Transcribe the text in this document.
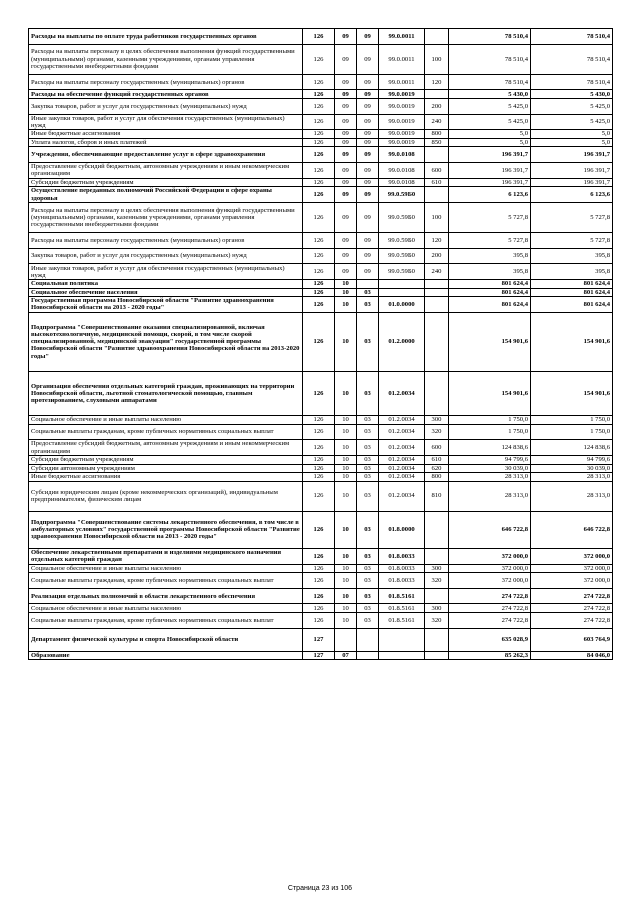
Расходы на выплаты по оплате труда работников государственных органов	126	09	09	99.0.0011		78 510,4	78 510,4
Расходы на выплаты персоналу в целях обеспечения выполнения функций государственными (муниципальными) органами, казенными учреждениями, органами управления государственными внебюджетными фондами	126	09	09	99.0.0011	100	78 510,4	78 510,4
Расходы на выплаты персоналу государственных (муниципальных) органов	126	09	09	99.0.0011	120	78 510,4	78 510,4
Расходы на обеспечение функций государственных органов	126	09	09	99.0.0019		5 430,0	5 430,0
Закупка товаров, работ и услуг для государственных (муниципальных) нужд	126	09	09	99.0.0019	200	5 425,0	5 425,0
Иные закупки товаров, работ и услуг для обеспечения государственных (муниципальных) нужд	126	09	09	99.0.0019	240	5 425,0	5 425,0
Иные бюджетные ассигнования	126	09	09	99.0.0019	800	5,0	5,0
Уплата налогов, сборов и иных платежей	126	09	09	99.0.0019	850	5,0	5,0
Учреждения, обеспечивающие предоставление услуг в сфере здравоохранения	126	09	09	99.0.0108		196 391,7	196 391,7
Предоставление субсидий бюджетным, автономным учреждениям и иным некоммерческим организациям	126	09	09	99.0.0108	600	196 391,7	196 391,7
Субсидии бюджетным учреждениям	126	09	09	99.0.0108	610	196 391,7	196 391,7
Осуществление переданных полномочий Российской Федерации в сфере охраны здоровья	126	09	09	99.0.59Б0		6 123,6	6 123,6
Расходы на выплаты персоналу в целях обеспечения выполнения функций государственными (муниципальными) органами, казенными учреждениями, органами управления государственными внебюджетными фондами	126	09	09	99.0.59Б0	100	5 727,8	5 727,8
Расходы на выплаты персоналу государственных (муниципальных) органов	126	09	09	99.0.59Б0	120	5 727,8	5 727,8
Закупка товаров, работ и услуг для государственных (муниципальных) нужд	126	09	09	99.0.59Б0	200	395,8	395,8
Иные закупки товаров, работ и услуг для обеспечения государственных (муниципальных) нужд	126	09	09	99.0.59Б0	240	395,8	395,8
Социальная политика	126	10				801 624,4	801 624,4
Социальное обеспечение населения	126	10	03			801 624,4	801 624,4
Государственная программа Новосибирской области "Развитие здравоохранения Новосибирской области на 2013 - 2020 годы"	126	10	03	01.0.0000		801 624,4	801 624,4
Подпрограмма "Совершенствование оказания специализированной, включая высокотехнологичную, медицинской помощи, скорой, в том числе скорой специализированной, медицинской эвакуации" государственной программы Новосибирской области "Развитие здравоохранения Новосибирской области на 2013-2020 годы"	126	10	03	01.2.0000		154 901,6	154 901,6
Организация обеспечения отдельных категорий граждан, проживающих на территории Новосибирской области, льготной стоматологической помощью, главным протезированием, слуховыми аппаратами	126	10	03	01.2.0034		154 901,6	154 901,6
Социальное обеспечение и иные выплаты населению	126	10	03	01.2.0034	300	1 750,0	1 750,0
Социальные выплаты гражданам, кроме публичных нормативных социальных выплат	126	10	03	01.2.0034	320	1 750,0	1 750,0
Предоставление субсидий бюджетным, автономным учреждениям и иным некоммерческим организациям	126	10	03	01.2.0034	600	124 838,6	124 838,6
Субсидии бюджетным учреждениям	126	10	03	01.2.0034	610	94 799,6	94 799,6
Субсидии автономным учреждениям	126	10	03	01.2.0034	620	30 039,0	30 039,0
Иные бюджетные ассигнования	126	10	03	01.2.0034	800	28 313,0	28 313,0
Субсидии юридическим лицам (кроме некоммерческих организаций), индивидуальным предпринимателям, физическим лицам	126	10	03	01.2.0034	810	28 313,0	28 313,0
Подпрограмма "Совершенствование системы лекарственного обеспечения, в том числе в амбулаторных условиях" государственной программы Новосибирской области "Развитие здравоохранения Новосибирской области на 2013 - 2020 годы"	126	10	03	01.8.0000		646 722,8	646 722,8
Обеспечение лекарственными препаратами и изделиями медицинского назначения отдельных категорий граждан	126	10	03	01.8.0033		372 000,0	372 000,0
Социальное обеспечение и иные выплаты населению	126	10	03	01.8.0033	300	372 000,0	372 000,0
Социальные выплаты гражданам, кроме публичных нормативных социальных выплат	126	10	03	01.8.0033	320	372 000,0	372 000,0
Реализация отдельных полномочий в области лекарственного обеспечения	126	10	03	01.8.5161		274 722,8	274 722,8
Социальное обеспечение и иные выплаты населению	126	10	03	01.8.5161	300	274 722,8	274 722,8
Социальные выплаты гражданам, кроме публичных нормативных социальных выплат	126	10	03	01.8.5161	320	274 722,8	274 722,8
Департамент физической культуры и спорта Новосибирской области	127					635 028,9	603 764,9
Образование	127	07				85 262,3	84 046,0
Страница 23 из 106
